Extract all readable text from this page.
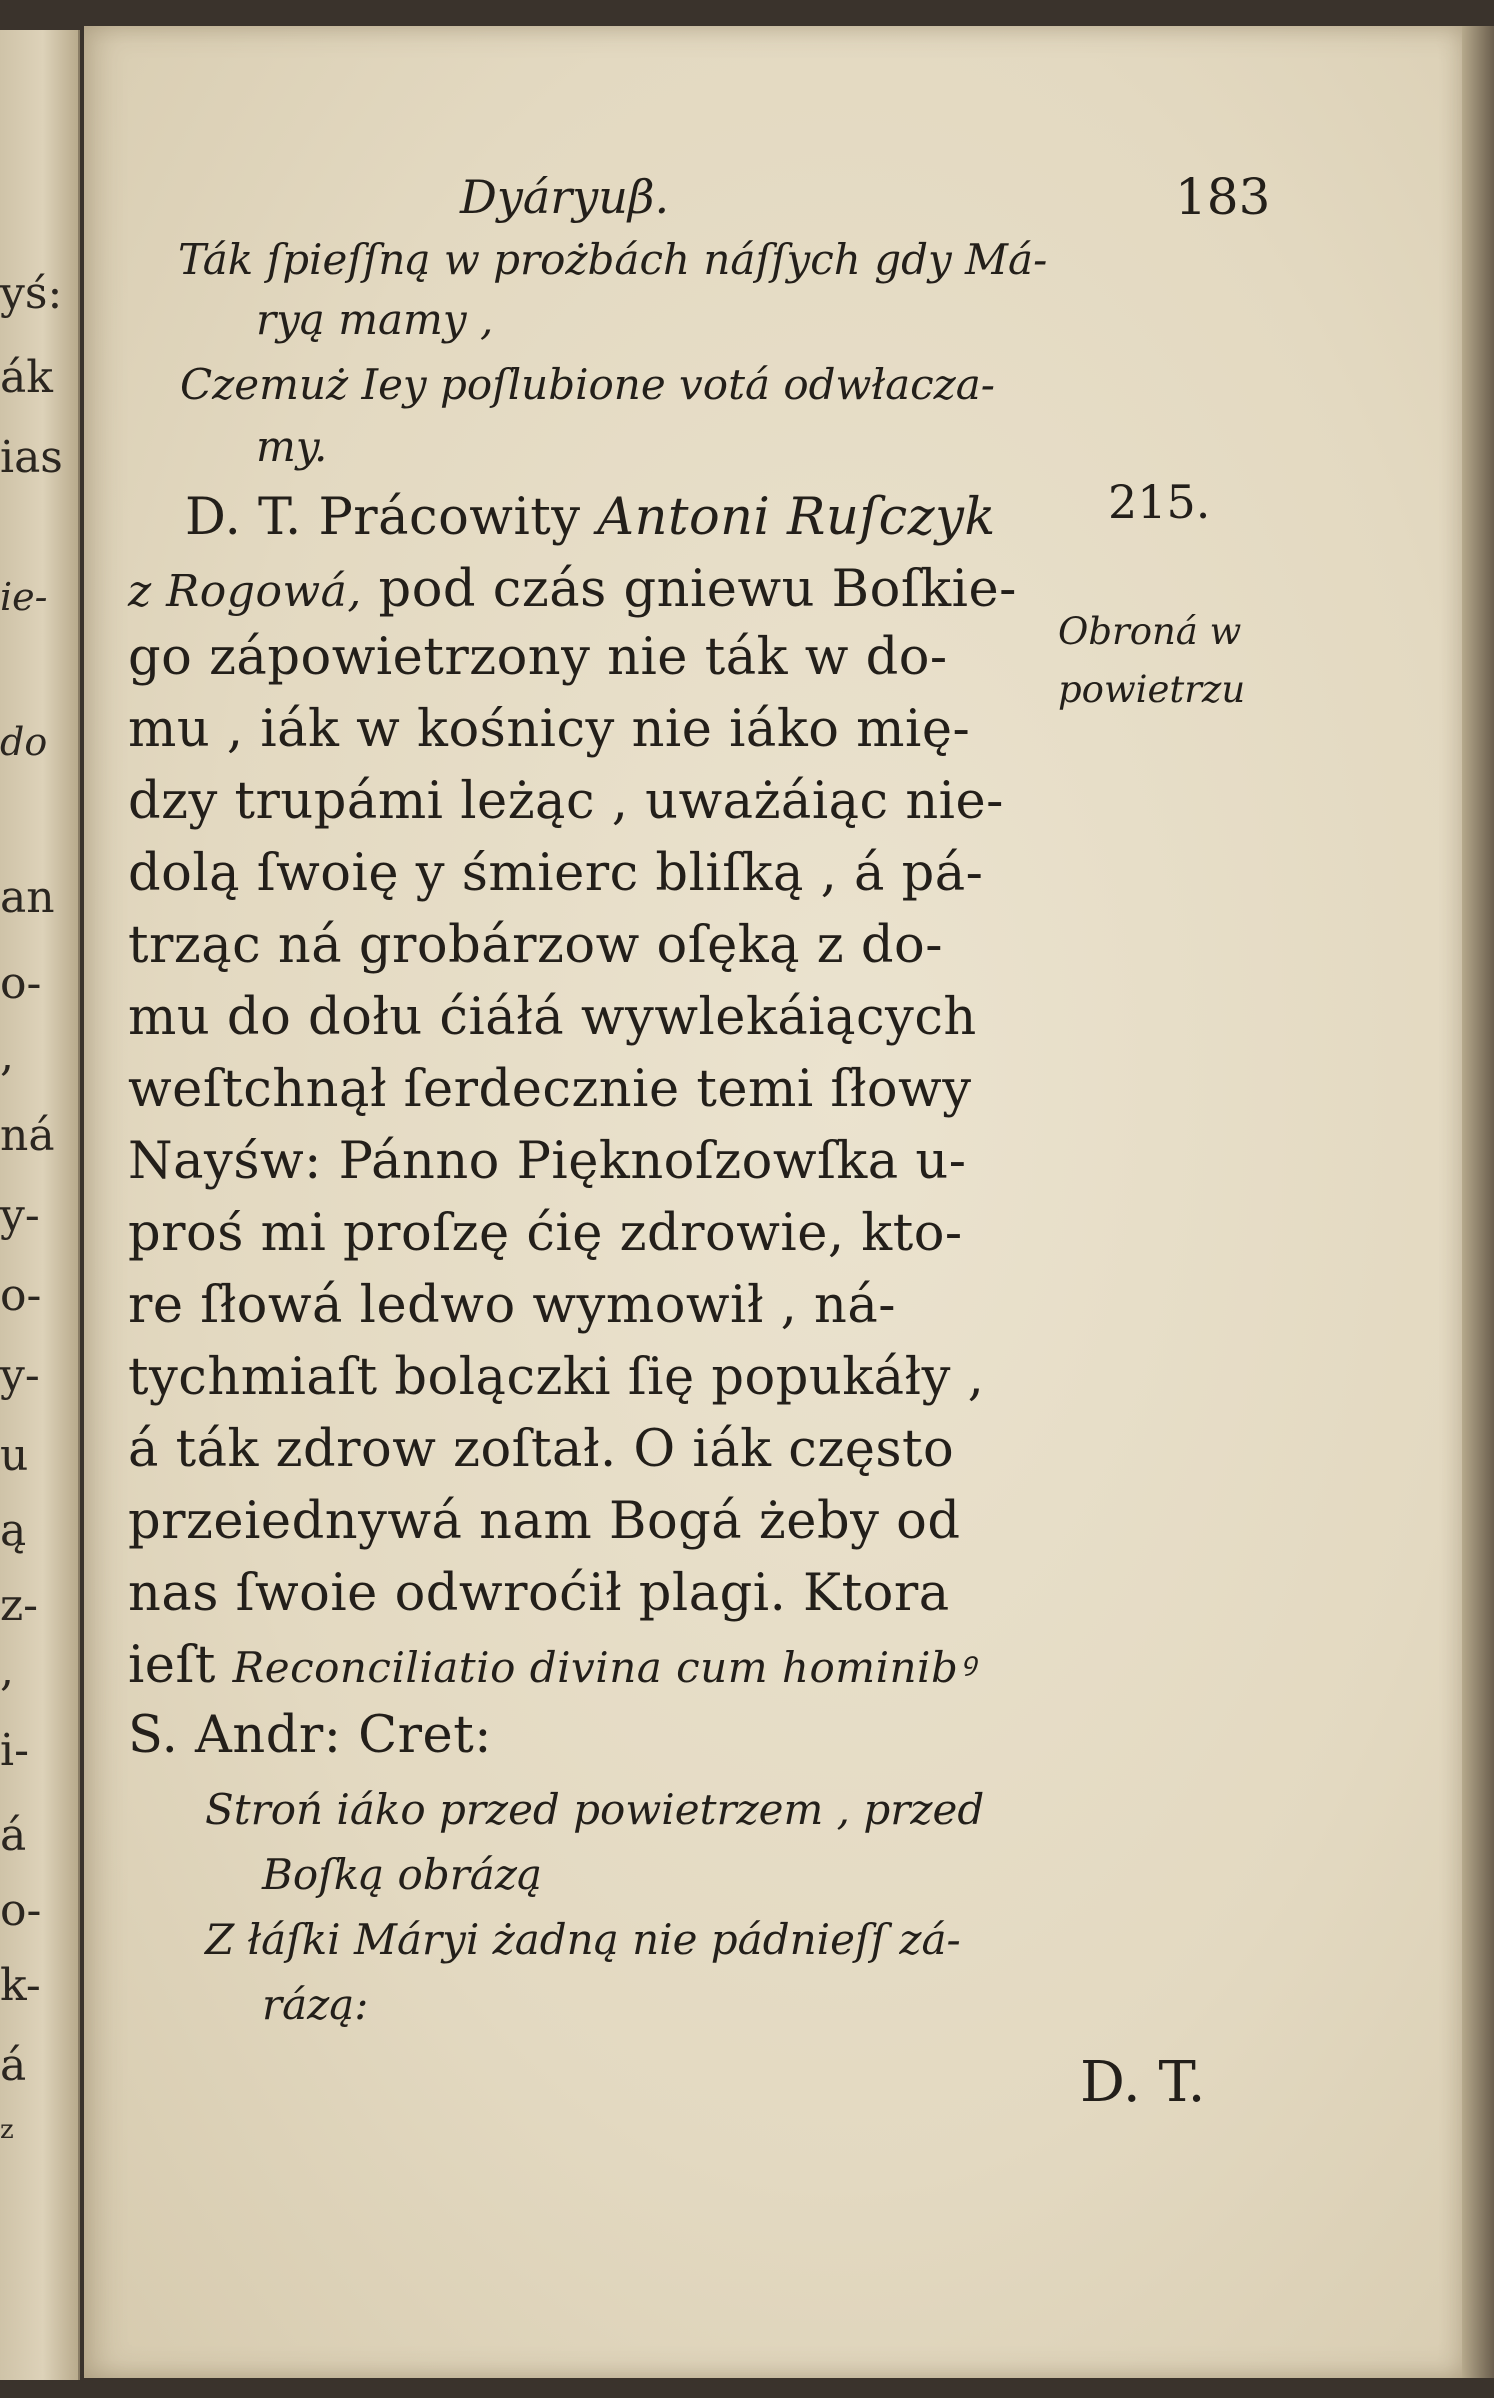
yś:
ák
ias
ie-
do
an
o-
,
ná
y-
o-
y-
u
ą
z-
,
i-
á
o-
k-
á
z
Dyáryuβ.	183
Ták ſpieſſną w prożbách náſſych gdy Má-
ryą mamy ,
Czemuż Iey poſlubione votá odwłacza-
my.
D. T. Prácowity Antoni Ruſczyk
z Rogowá, pod czás gniewu Boſkie-
go zápowietrzony nie ták w do-
mu , iák w kośnicy nie iáko mię-
dzy trupámi leżąc , uważáiąc nie-
dolą ſwoię y śmierc bliſką , á pá-
trząc ná grobárzow oſęką z do-
mu do dołu ćiáłá wywlekáiących
weſtchnął ſerdecznie temi ſłowy
Nayśw: Pánno Pięknoſzowſka u-
proś mi proſzę ćię zdrowie, kto-
re ſłowá ledwo wymowił , ná-
tychmiaſt bolączki ſię popukáły ,
á ták zdrow zoſtał. O iák często
przeiednywá nam Bogá żeby od
nas ſwoie odwroćił plagi. Ktora
ieſt Reconciliatio divina cum hominibꝰ
S. Andr: Cret:
Stroń iáko przed powietrzem , przed
Boſką obrázą
Z łáſki Máryi żadną nie pádnieſſ zá-
rázą:
215.
Obroná w
powietrzu
D. T.
